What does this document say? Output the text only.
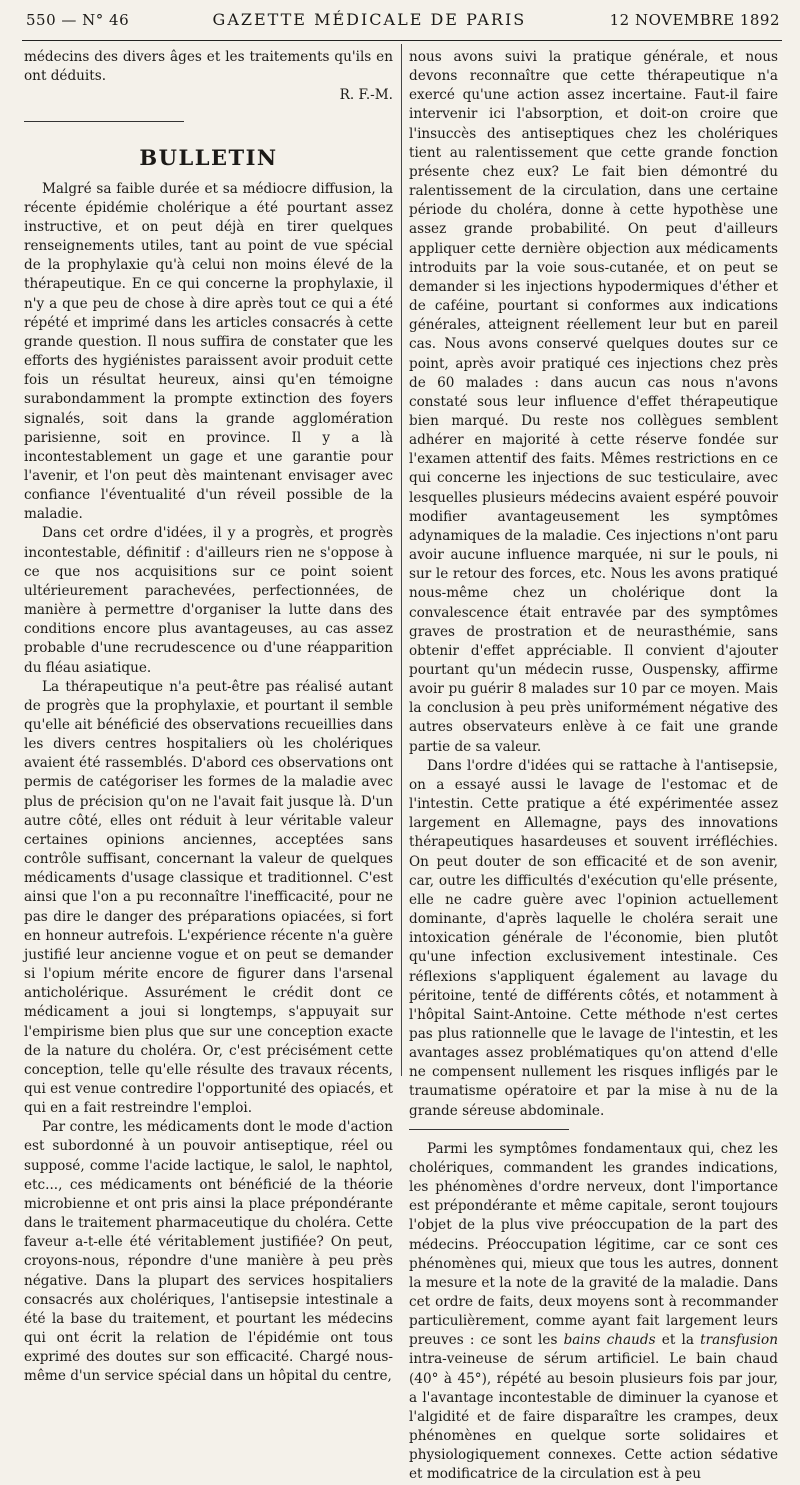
550 — N° 46	GAZETTE MÉDICALE DE PARIS	12 NOVEMBRE 1892

médecins des divers âges et les traitements qu'ils en ont déduits.

R. F.-M.

BULLETIN

Malgré sa faible durée et sa médiocre diffusion, la récente épidémie cholérique a été pourtant assez instructive, et on peut déjà en tirer quelques renseignements utiles, tant au point de vue spécial de la prophylaxie qu'à celui non moins élevé de la thérapeutique. En ce qui concerne la prophylaxie, il n'y a que peu de chose à dire après tout ce qui a été répété et imprimé dans les articles consacrés à cette grande question. Il nous suffira de constater que les efforts des hygiénistes paraissent avoir produit cette fois un résultat heureux, ainsi qu'en témoigne surabondamment la prompte extinction des foyers signalés, soit dans la grande agglomération parisienne, soit en province. Il y a là incontestablement un gage et une garantie pour l'avenir, et l'on peut dès maintenant envisager avec confiance l'éventualité d'un réveil possible de la maladie.

Dans cet ordre d'idées, il y a progrès, et progrès incontestable, définitif : d'ailleurs rien ne s'oppose à ce que nos acquisitions sur ce point soient ultérieurement parachevées, perfectionnées, de manière à permettre d'organiser la lutte dans des conditions encore plus avantageuses, au cas assez probable d'une recrudescence ou d'une réapparition du fléau asiatique.

La thérapeutique n'a peut-être pas réalisé autant de progrès que la prophylaxie, et pourtant il semble qu'elle ait bénéficié des observations recueillies dans les divers centres hospitaliers où les cholériques avaient été rassemblés. D'abord ces observations ont permis de catégoriser les formes de la maladie avec plus de précision qu'on ne l'avait fait jusque là. D'un autre côté, elles ont réduit à leur véritable valeur certaines opinions anciennes, acceptées sans contrôle suffisant, concernant la valeur de quelques médicaments d'usage classique et traditionnel. C'est ainsi que l'on a pu reconnaître l'inefficacité, pour ne pas dire le danger des préparations opiacées, si fort en honneur autrefois. L'expérience récente n'a guère justifié leur ancienne vogue et on peut se demander si l'opium mérite encore de figurer dans l'arsenal anticholérique. Assurément le crédit dont ce médicament a joui si longtemps, s'appuyait sur l'empirisme bien plus que sur une conception exacte de la nature du choléra. Or, c'est précisément cette conception, telle qu'elle résulte des travaux récents, qui est venue contredire l'opportunité des opiacés, et qui en a fait restreindre l'emploi.

Par contre, les médicaments dont le mode d'action est subordonné à un pouvoir antiseptique, réel ou supposé, comme l'acide lactique, le salol, le naphtol, etc..., ces médicaments ont bénéficié de la théorie microbienne et ont pris ainsi la place prépondérante dans le traitement pharmaceutique du choléra. Cette faveur a-t-elle été véritablement justifiée? On peut, croyons-nous, répondre d'une manière à peu près négative. Dans la plupart des services hospitaliers consacrés aux cholériques, l'antisepsie intestinale a été la base du traitement, et pourtant les médecins qui ont écrit la relation de l'épidémie ont tous exprimé des doutes sur son efficacité. Chargé nous-même d'un service spécial dans un hôpital du centre,

nous avons suivi la pratique générale, et nous devons reconnaître que cette thérapeutique n'a exercé qu'une action assez incertaine. Faut-il faire intervenir ici l'absorption, et doit-on croire que l'insuccès des antiseptiques chez les cholériques tient au ralentissement que cette grande fonction présente chez eux? Le fait bien démontré du ralentissement de la circulation, dans une certaine période du choléra, donne à cette hypothèse une assez grande probabilité. On peut d'ailleurs appliquer cette dernière objection aux médicaments introduits par la voie sous-cutanée, et on peut se demander si les injections hypodermiques d'éther et de caféine, pourtant si conformes aux indications générales, atteignent réellement leur but en pareil cas. Nous avons conservé quelques doutes sur ce point, après avoir pratiqué ces injections chez près de 60 malades : dans aucun cas nous n'avons constaté sous leur influence d'effet thérapeutique bien marqué. Du reste nos collègues semblent adhérer en majorité à cette réserve fondée sur l'examen attentif des faits. Mêmes restrictions en ce qui concerne les injections de suc testiculaire, avec lesquelles plusieurs médecins avaient espéré pouvoir modifier avantageusement les symptômes adynamiques de la maladie. Ces injections n'ont paru avoir aucune influence marquée, ni sur le pouls, ni sur le retour des forces, etc. Nous les avons pratiqué nous-même chez un cholérique dont la convalescence était entravée par des symptômes graves de prostration et de neurasthémie, sans obtenir d'effet appréciable. Il convient d'ajouter pourtant qu'un médecin russe, Ouspensky, affirme avoir pu guérir 8 malades sur 10 par ce moyen. Mais la conclusion à peu près uniformément négative des autres observateurs enlève à ce fait une grande partie de sa valeur.

Dans l'ordre d'idées qui se rattache à l'antisepsie, on a essayé aussi le lavage de l'estomac et de l'intestin. Cette pratique a été expérimentée assez largement en Allemagne, pays des innovations thérapeutiques hasardeuses et souvent irréfléchies. On peut douter de son efficacité et de son avenir, car, outre les difficultés d'exécution qu'elle présente, elle ne cadre guère avec l'opinion actuellement dominante, d'après laquelle le choléra serait une intoxication générale de l'économie, bien plutôt qu'une infection exclusivement intestinale. Ces réflexions s'appliquent également au lavage du péritoine, tenté de différents côtés, et notamment à l'hôpital Saint-Antoine. Cette méthode n'est certes pas plus rationnelle que le lavage de l'intestin, et les avantages assez problématiques qu'on attend d'elle ne compensent nullement les risques infligés par le traumatisme opératoire et par la mise à nu de la grande séreuse abdominale.

Parmi les symptômes fondamentaux qui, chez les cholériques, commandent les grandes indications, les phénomènes d'ordre nerveux, dont l'importance est prépondérante et même capitale, seront toujours l'objet de la plus vive préoccupation de la part des médecins. Préoccupation légitime, car ce sont ces phénomènes qui, mieux que tous les autres, donnent la mesure et la note de la gravité de la maladie. Dans cet ordre de faits, deux moyens sont à recommander particulièrement, comme ayant fait largement leurs preuves : ce sont les bains chauds et la transfusion intra-veineuse de sérum artificiel. Le bain chaud (40° à 45°), répété au besoin plusieurs fois par jour, a l'avantage incontestable de diminuer la cyanose et l'algidité et de faire disparaître les crampes, deux phénomènes en quelque sorte solidaires et physiologiquement connexes. Cette action sédative et modificatrice de la circulation est à peu
